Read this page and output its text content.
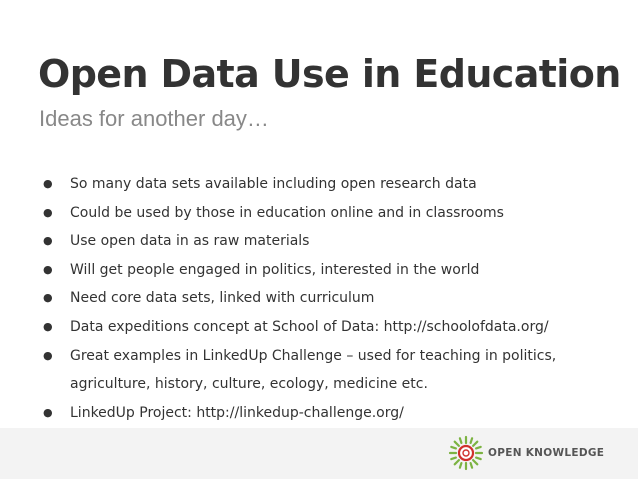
Open Data Use in Education

Ideas for another day…

● So many data sets available including open research data
● Could be used by those in education online and in classrooms
● Use open data in as raw materials
● Will get people engaged in politics, interested in the world
● Need core data sets, linked with curriculum
● Data expeditions concept at School of Data: http://schoolofdata.org/
● Great examples in LinkedUp Challenge – used for teaching in politics, agriculture, history, culture, ecology, medicine etc.
● LinkedUp Project: http://linkedup-challenge.org/
OPEN KNOWLEDGE
